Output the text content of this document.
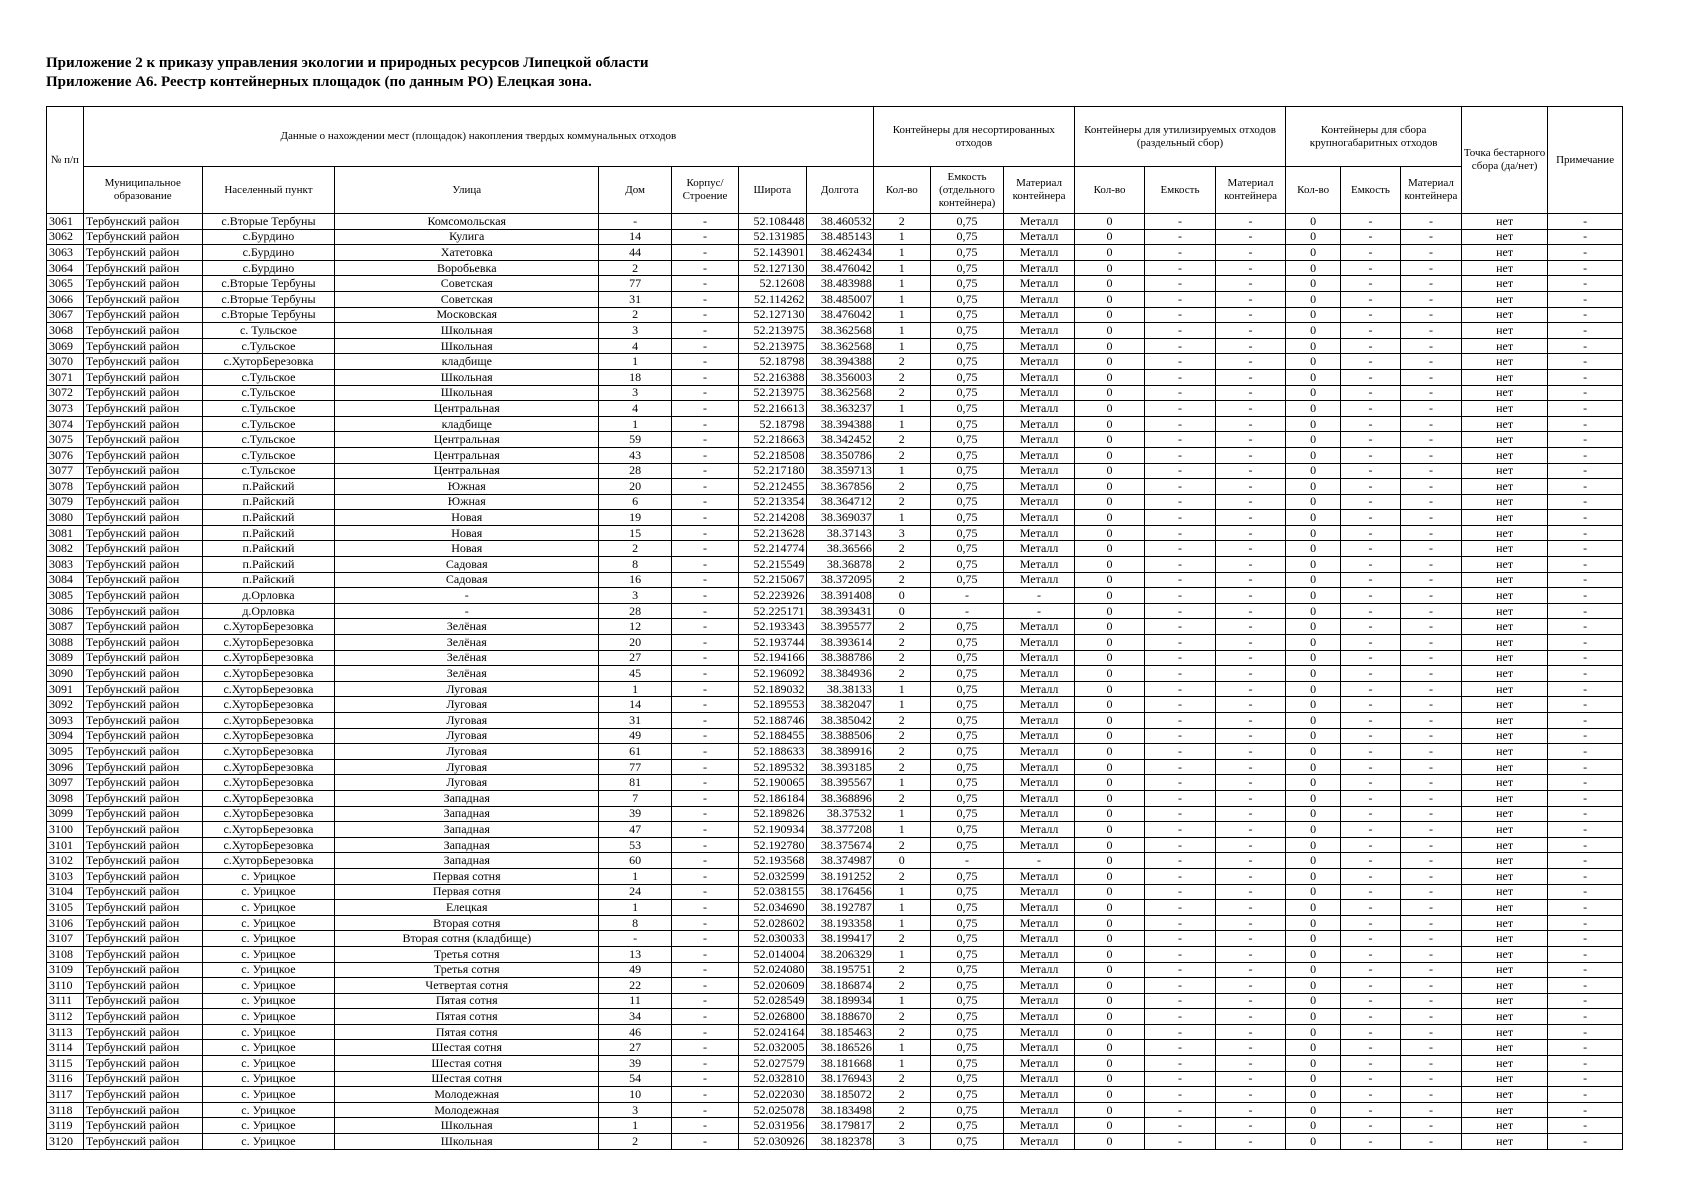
Приложение 2 к приказу управления экологии и природных ресурсов Липецкой области
Приложение А6. Реестр контейнерных площадок (по данным РО) Елецкая зона.
№ п/п	Данные о нахождении мест (площадок) накопления твердых коммунальных отходов							Контейнеры для несортированных отходов			Контейнеры для утилизируемых отходов (раздельный сбор)			Контейнеры для сбора крупногабаритных отходов			Точка бестарного сбора (да/нет)	Примечание
	Муниципальное образование	Населенный пункт	Улица	Дом	Корпус/ Строение	Широта	Долгота	Кол-во	Емкость (отдельного контейнера)	Материал контейнера	Кол-во	Емкость	Материал контейнера	Кол-во	Емкость	Материал контейнера		
3061	Тербунский район	с.Вторые Тербуны	Комсомольская	-	-	52.108448	38.460532	2	0,75	Металл	0	-	-	0	-	-	нет	-
3062	Тербунский район	с.Бурдино	Кулига	14	-	52.131985	38.485143	1	0,75	Металл	0	-	-	0	-	-	нет	-
3063	Тербунский район	с.Бурдино	Хатетовка	44	-	52.143901	38.462434	1	0,75	Металл	0	-	-	0	-	-	нет	-
3064	Тербунский район	с.Бурдино	Воробьевка	2	-	52.127130	38.476042	1	0,75	Металл	0	-	-	0	-	-	нет	-
3065	Тербунский район	с.Вторые Тербуны	Советская	77	-	52.12608	38.483988	1	0,75	Металл	0	-	-	0	-	-	нет	-
3066	Тербунский район	с.Вторые Тербуны	Советская	31	-	52.114262	38.485007	1	0,75	Металл	0	-	-	0	-	-	нет	-
3067	Тербунский район	с.Вторые Тербуны	Московская	2	-	52.127130	38.476042	1	0,75	Металл	0	-	-	0	-	-	нет	-
3068	Тербунский район	с. Тульское	Школьная	3	-	52.213975	38.362568	1	0,75	Металл	0	-	-	0	-	-	нет	-
3069	Тербунский район	с.Тульское	Школьная	4	-	52.213975	38.362568	1	0,75	Металл	0	-	-	0	-	-	нет	-
3070	Тербунский район	с.ХуторБерезовка	кладбище	1	-	52.18798	38.394388	2	0,75	Металл	0	-	-	0	-	-	нет	-
3071	Тербунский район	с.Тульское	Школьная	18	-	52.216388	38.356003	2	0,75	Металл	0	-	-	0	-	-	нет	-
3072	Тербунский район	с.Тульское	Школьная	3	-	52.213975	38.362568	2	0,75	Металл	0	-	-	0	-	-	нет	-
3073	Тербунский район	с.Тульское	Центральная	4	-	52.216613	38.363237	1	0,75	Металл	0	-	-	0	-	-	нет	-
3074	Тербунский район	с.Тульское	кладбище	1	-	52.18798	38.394388	1	0,75	Металл	0	-	-	0	-	-	нет	-
3075	Тербунский район	с.Тульское	Центральная	59	-	52.218663	38.342452	2	0,75	Металл	0	-	-	0	-	-	нет	-
3076	Тербунский район	с.Тульское	Центральная	43	-	52.218508	38.350786	2	0,75	Металл	0	-	-	0	-	-	нет	-
3077	Тербунский район	с.Тульское	Центральная	28	-	52.217180	38.359713	1	0,75	Металл	0	-	-	0	-	-	нет	-
3078	Тербунский район	п.Райский	Южная	20	-	52.212455	38.367856	2	0,75	Металл	0	-	-	0	-	-	нет	-
3079	Тербунский район	п.Райский	Южная	6	-	52.213354	38.364712	2	0,75	Металл	0	-	-	0	-	-	нет	-
3080	Тербунский район	п.Райский	Новая	19	-	52.214208	38.369037	1	0,75	Металл	0	-	-	0	-	-	нет	-
3081	Тербунский район	п.Райский	Новая	15	-	52.213628	38.37143	3	0,75	Металл	0	-	-	0	-	-	нет	-
3082	Тербунский район	п.Райский	Новая	2	-	52.214774	38.36566	2	0,75	Металл	0	-	-	0	-	-	нет	-
3083	Тербунский район	п.Райский	Садовая	8	-	52.215549	38.36878	2	0,75	Металл	0	-	-	0	-	-	нет	-
3084	Тербунский район	п.Райский	Садовая	16	-	52.215067	38.372095	2	0,75	Металл	0	-	-	0	-	-	нет	-
3085	Тербунский район	д.Орловка	-	3	-	52.223926	38.391408	0	-	-	0	-	-	0	-	-	нет	-
3086	Тербунский район	д.Орловка	-	28	-	52.225171	38.393431	0	-	-	0	-	-	0	-	-	нет	-
3087	Тербунский район	с.ХуторБерезовка	Зелёная	12	-	52.193343	38.395577	2	0,75	Металл	0	-	-	0	-	-	нет	-
3088	Тербунский район	с.ХуторБерезовка	Зелёная	20	-	52.193744	38.393614	2	0,75	Металл	0	-	-	0	-	-	нет	-
3089	Тербунский район	с.ХуторБерезовка	Зелёная	27	-	52.194166	38.388786	2	0,75	Металл	0	-	-	0	-	-	нет	-
3090	Тербунский район	с.ХуторБерезовка	Зелёная	45	-	52.196092	38.384936	2	0,75	Металл	0	-	-	0	-	-	нет	-
3091	Тербунский район	с.ХуторБерезовка	Луговая	1	-	52.189032	38.38133	1	0,75	Металл	0	-	-	0	-	-	нет	-
3092	Тербунский район	с.ХуторБерезовка	Луговая	14	-	52.189553	38.382047	1	0,75	Металл	0	-	-	0	-	-	нет	-
3093	Тербунский район	с.ХуторБерезовка	Луговая	31	-	52.188746	38.385042	2	0,75	Металл	0	-	-	0	-	-	нет	-
3094	Тербунский район	с.ХуторБерезовка	Луговая	49	-	52.188455	38.388506	2	0,75	Металл	0	-	-	0	-	-	нет	-
3095	Тербунский район	с.ХуторБерезовка	Луговая	61	-	52.188633	38.389916	2	0,75	Металл	0	-	-	0	-	-	нет	-
3096	Тербунский район	с.ХуторБерезовка	Луговая	77	-	52.189532	38.393185	2	0,75	Металл	0	-	-	0	-	-	нет	-
3097	Тербунский район	с.ХуторБерезовка	Луговая	81	-	52.190065	38.395567	1	0,75	Металл	0	-	-	0	-	-	нет	-
3098	Тербунский район	с.ХуторБерезовка	Западная	7	-	52.186184	38.368896	2	0,75	Металл	0	-	-	0	-	-	нет	-
3099	Тербунский район	с.ХуторБерезовка	Западная	39	-	52.189826	38.37532	1	0,75	Металл	0	-	-	0	-	-	нет	-
3100	Тербунский район	с.ХуторБерезовка	Западная	47	-	52.190934	38.377208	1	0,75	Металл	0	-	-	0	-	-	нет	-
3101	Тербунский район	с.ХуторБерезовка	Западная	53	-	52.192780	38.375674	2	0,75	Металл	0	-	-	0	-	-	нет	-
3102	Тербунский район	с.ХуторБерезовка	Западная	60	-	52.193568	38.374987	0	-	-	0	-	-	0	-	-	нет	-
3103	Тербунский район	с. Урицкое	Первая сотня	1	-	52.032599	38.191252	2	0,75	Металл	0	-	-	0	-	-	нет	-
3104	Тербунский район	с. Урицкое	Первая сотня	24	-	52.038155	38.176456	1	0,75	Металл	0	-	-	0	-	-	нет	-
3105	Тербунский район	с. Урицкое	Елецкая	1	-	52.034690	38.192787	1	0,75	Металл	0	-	-	0	-	-	нет	-
3106	Тербунский район	с. Урицкое	Вторая сотня	8	-	52.028602	38.193358	1	0,75	Металл	0	-	-	0	-	-	нет	-
3107	Тербунский район	с. Урицкое	Вторая сотня (кладбище)	-	-	52.030033	38.199417	2	0,75	Металл	0	-	-	0	-	-	нет	-
3108	Тербунский район	с. Урицкое	Третья сотня	13	-	52.014004	38.206329	1	0,75	Металл	0	-	-	0	-	-	нет	-
3109	Тербунский район	с. Урицкое	Третья сотня	49	-	52.024080	38.195751	2	0,75	Металл	0	-	-	0	-	-	нет	-
3110	Тербунский район	с. Урицкое	Четвертая сотня	22	-	52.020609	38.186874	2	0,75	Металл	0	-	-	0	-	-	нет	-
3111	Тербунский район	с. Урицкое	Пятая сотня	11	-	52.028549	38.189934	1	0,75	Металл	0	-	-	0	-	-	нет	-
3112	Тербунский район	с. Урицкое	Пятая сотня	34	-	52.026800	38.188670	2	0,75	Металл	0	-	-	0	-	-	нет	-
3113	Тербунский район	с. Урицкое	Пятая сотня	46	-	52.024164	38.185463	2	0,75	Металл	0	-	-	0	-	-	нет	-
3114	Тербунский район	с. Урицкое	Шестая сотня	27	-	52.032005	38.186526	1	0,75	Металл	0	-	-	0	-	-	нет	-
3115	Тербунский район	с. Урицкое	Шестая сотня	39	-	52.027579	38.181668	1	0,75	Металл	0	-	-	0	-	-	нет	-
3116	Тербунский район	с. Урицкое	Шестая сотня	54	-	52.032810	38.176943	2	0,75	Металл	0	-	-	0	-	-	нет	-
3117	Тербунский район	с. Урицкое	Молодежная	10	-	52.022030	38.185072	2	0,75	Металл	0	-	-	0	-	-	нет	-
3118	Тербунский район	с. Урицкое	Молодежная	3	-	52.025078	38.183498	2	0,75	Металл	0	-	-	0	-	-	нет	-
3119	Тербунский район	с. Урицкое	Школьная	1	-	52.031956	38.179817	2	0,75	Металл	0	-	-	0	-	-	нет	-
3120	Тербунский район	с. Урицкое	Школьная	2	-	52.030926	38.182378	3	0,75	Металл	0	-	-	0	-	-	нет	-
